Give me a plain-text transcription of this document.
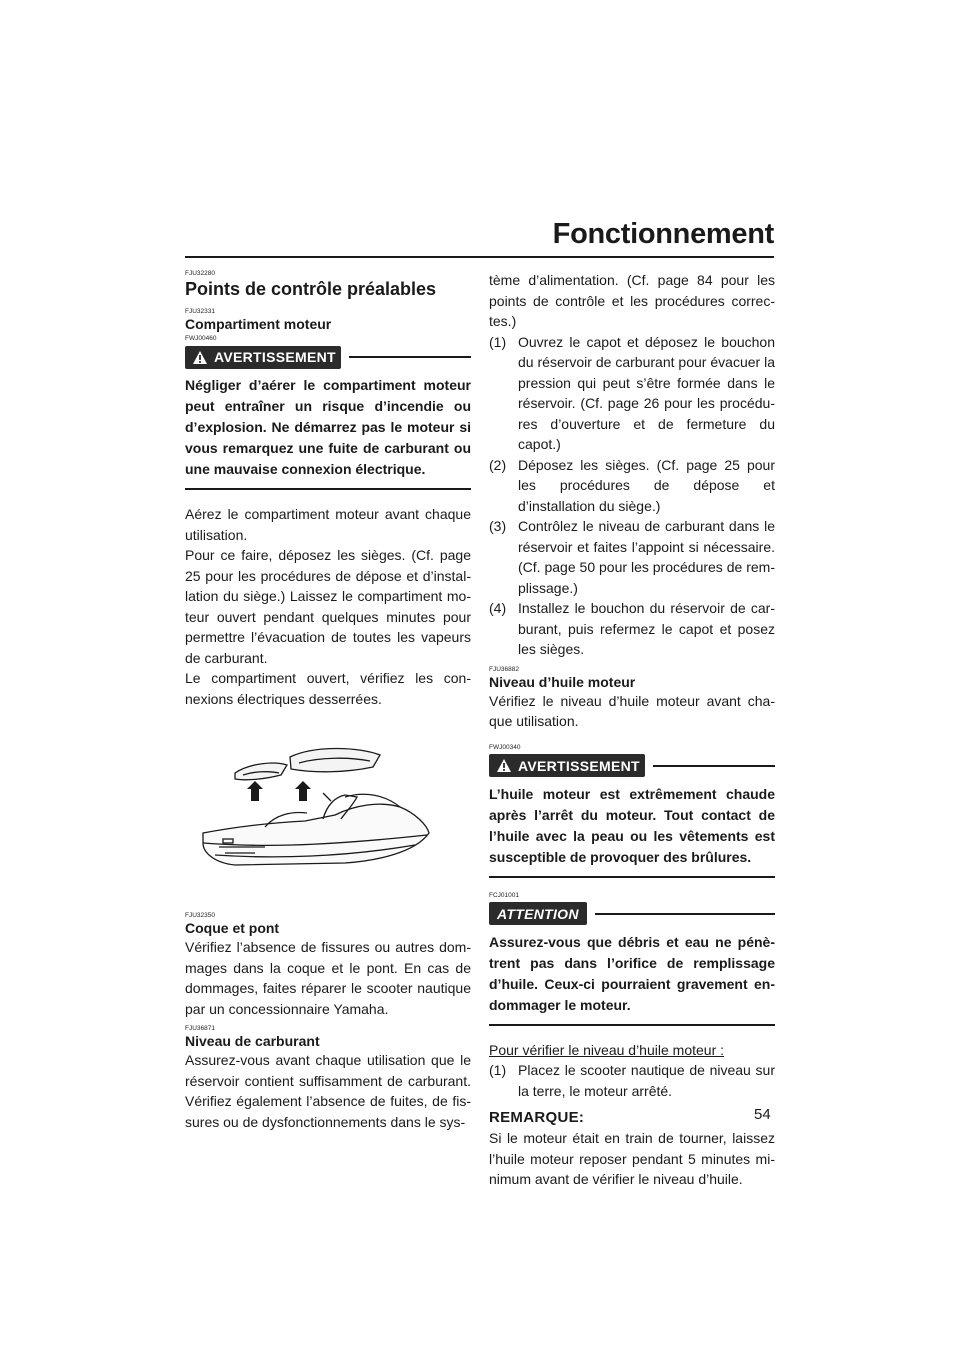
Fonctionnement
FJU32280
Points de contrôle préalables
FJU32331
Compartiment moteur
FWJ00460
AVERTISSEMENT
Négliger d’aérer le compartiment moteur peut entraîner un risque d’incendie ou d’explosion. Ne démarrez pas le moteur si vous remarquez une fuite de carburant ou une mauvaise connexion électrique.

Aérez le compartiment moteur avant chaque utilisation.

Pour ce faire, déposez les sièges. (Cf. page 25 pour les procédures de dépose et d’instal-lation du siège.) Laissez le compartiment mo-teur ouvert pendant quelques minutes pour permettre l’évacuation de toutes les vapeurs de carburant.

Le compartiment ouvert, vérifiez les con-nexions électriques desserrées.

FJU32350
Coque et pont

Vérifiez l’absence de fissures ou autres dom-mages dans la coque et le pont. En cas de dommages, faites réparer le scooter nautique par un concessionnaire Yamaha.

FJU36871
Niveau de carburant

Assurez-vous avant chaque utilisation que le réservoir contient suffisamment de carburant. Vérifiez également l’absence de fuites, de fis-sures ou de dysfonctionnements dans le sys-

tème d’alimentation. (Cf. page 84 pour les points de contrôle et les procédures correc-tes.)

(1) Ouvrez le capot et déposez le bouchon du réservoir de carburant pour évacuer la pression qui peut s’être formée dans le réservoir. (Cf. page 26 pour les procédu-res d’ouverture et de fermeture du capot.)
(2) Déposez les sièges. (Cf. page 25 pour les procédures de dépose et d’installation du siège.)
(3) Contrôlez le niveau de carburant dans le réservoir et faites l’appoint si nécessaire. (Cf. page 50 pour les procédures de rem-plissage.)
(4) Installez le bouchon du réservoir de car-burant, puis refermez le capot et posez les sièges.
FJU36882
Niveau d’huile moteur

Vérifiez le niveau d’huile moteur avant cha-que utilisation.

FWJ00340
AVERTISSEMENT
L’huile moteur est extrêmement chaude après l’arrêt du moteur. Tout contact de l’huile avec la peau ou les vêtements est susceptible de provoquer des brûlures.
FCJ01001
ATTENTION
Assurez-vous que débris et eau ne pénè-trent pas dans l’orifice de remplissage d’huile. Ceux-ci pourraient gravement en-dommager le moteur.

Pour vérifier le niveau d’huile moteur :

(1) Placez le scooter nautique de niveau sur la terre, le moteur arrêté.
REMARQUE:

Si le moteur était en train de tourner, laissez l’huile moteur reposer pendant 5 minutes mi-nimum avant de vérifier le niveau d’huile.

54
